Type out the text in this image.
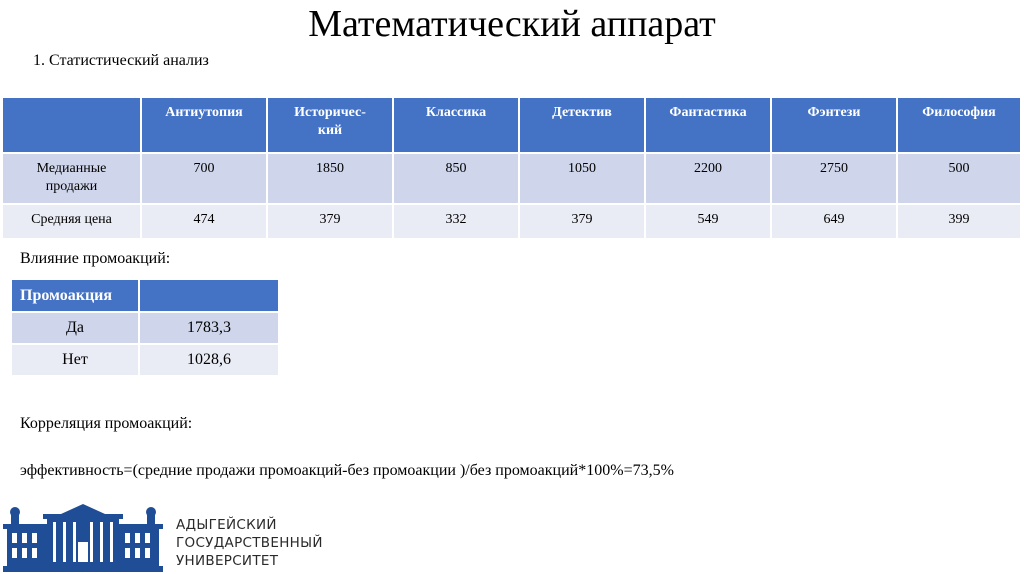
Математический аппарат
1. Статистический анализ
	Антиутопия	Историчес-
кий	Классика	Детектив	Фантастика	Фэнтези	Философия
Медианные
продажи	700	1850	850	1050	2200	2750	500
Средняя цена	474	379	332	379	549	649	399
Влияние промоакций:
Промоакция	
Да	1783,3
Нет	1028,6
Корреляция промоакций:
эффективность=(средние продажи промоакций-без промоакции )/без промоакций*100%=73,5%
АДЫГЕЙСКИЙ
ГОСУДАРСТВЕННЫЙ
УНИВЕРСИТЕТ
